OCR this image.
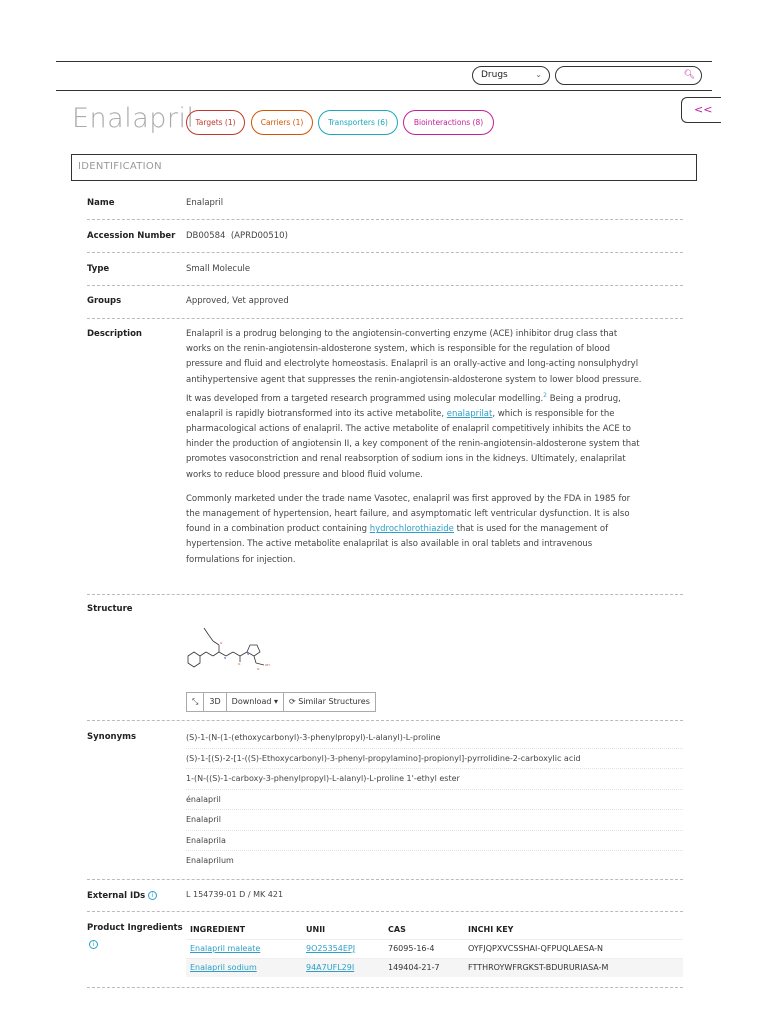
Drugs	⌄	🔍︎
<<
Enalapril Targets (1)	Carriers (1)	Transporters (6)	Biointeractions (8)
IDENTIFICATION
Name	Enalapril
Accession Number DB00584  (APRD00510)
Type	Small Molecule
Groups	Approved, Vet approved
Description	Enalapril is a prodrug belonging to the angiotensin-converting enzyme (ACE) inhibitor drug class that works on the renin-angiotensin-aldosterone system, which is responsible for the regulation of blood pressure and fluid and electrolyte homeostasis. Enalapril is an orally-active and long-acting nonsulphydryl antihypertensive agent that suppresses the renin-angiotensin-aldosterone system to lower blood pressure. It was developed from a targeted research programmed using molecular modelling.$^2$ Being a prodrug, enalapril is rapidly biotransformed into its active metabolite, enalaprilat, which is responsible for the pharmacological actions of enalapril. The active metabolite of enalapril competitively inhibits the ACE to hinder the production of angiotensin II, a key component of the renin-angiotensin-aldosterone system that promotes vasoconstriction and renal reabsorption of sodium ions in the kidneys. Ultimately, enalaprilat works to reduce blood pressure and blood fluid volume.

Commonly marketed under the trade name Vasotec, enalapril was first approved by the FDA in 1985 for the management of hypertension, heart failure, and asymptomatic left ventricular dysfunction. It is also found in a combination product containing hydrochlorothiazide that is used for the management of hypertension. The active metabolite enalaprilat is also available in oral tablets and intravenous formulations for injection.

Structure
O
O	OH
O
N
N
⤡	3D	Download ▾	⟳ Similar Structures
Synonyms	(S)-1-(N-(1-(ethoxycarbonyl)-3-phenylpropyl)-L-alanyl)-L-proline
(S)-1-[(S)-2-[1-((S)-Ethoxycarbonyl)-3-phenyl-propylamino]-propionyl]-pyrrolidine-2-carboxylic acid
1-(N-((S)-1-carboxy-3-phenylpropyl)-L-alanyl)-L-proline 1'-ethyl ester
énalapril
Enalapril
Enalaprila
Enalaprilum
External IDs i	L 154739-01 D / MK 421
Product Ingredients
i
INGREDIENT	UNII	CAS	INCHI KEY
Enalapril maleate	9O25354EPJ	76095-16-4	OYFJQPXVCSSHAI-QFPUQLAESA-N
Enalapril sodium	94A7UFL29I	149404-21-7	FTTHROYWFRGKST-BDURURIASA-M
